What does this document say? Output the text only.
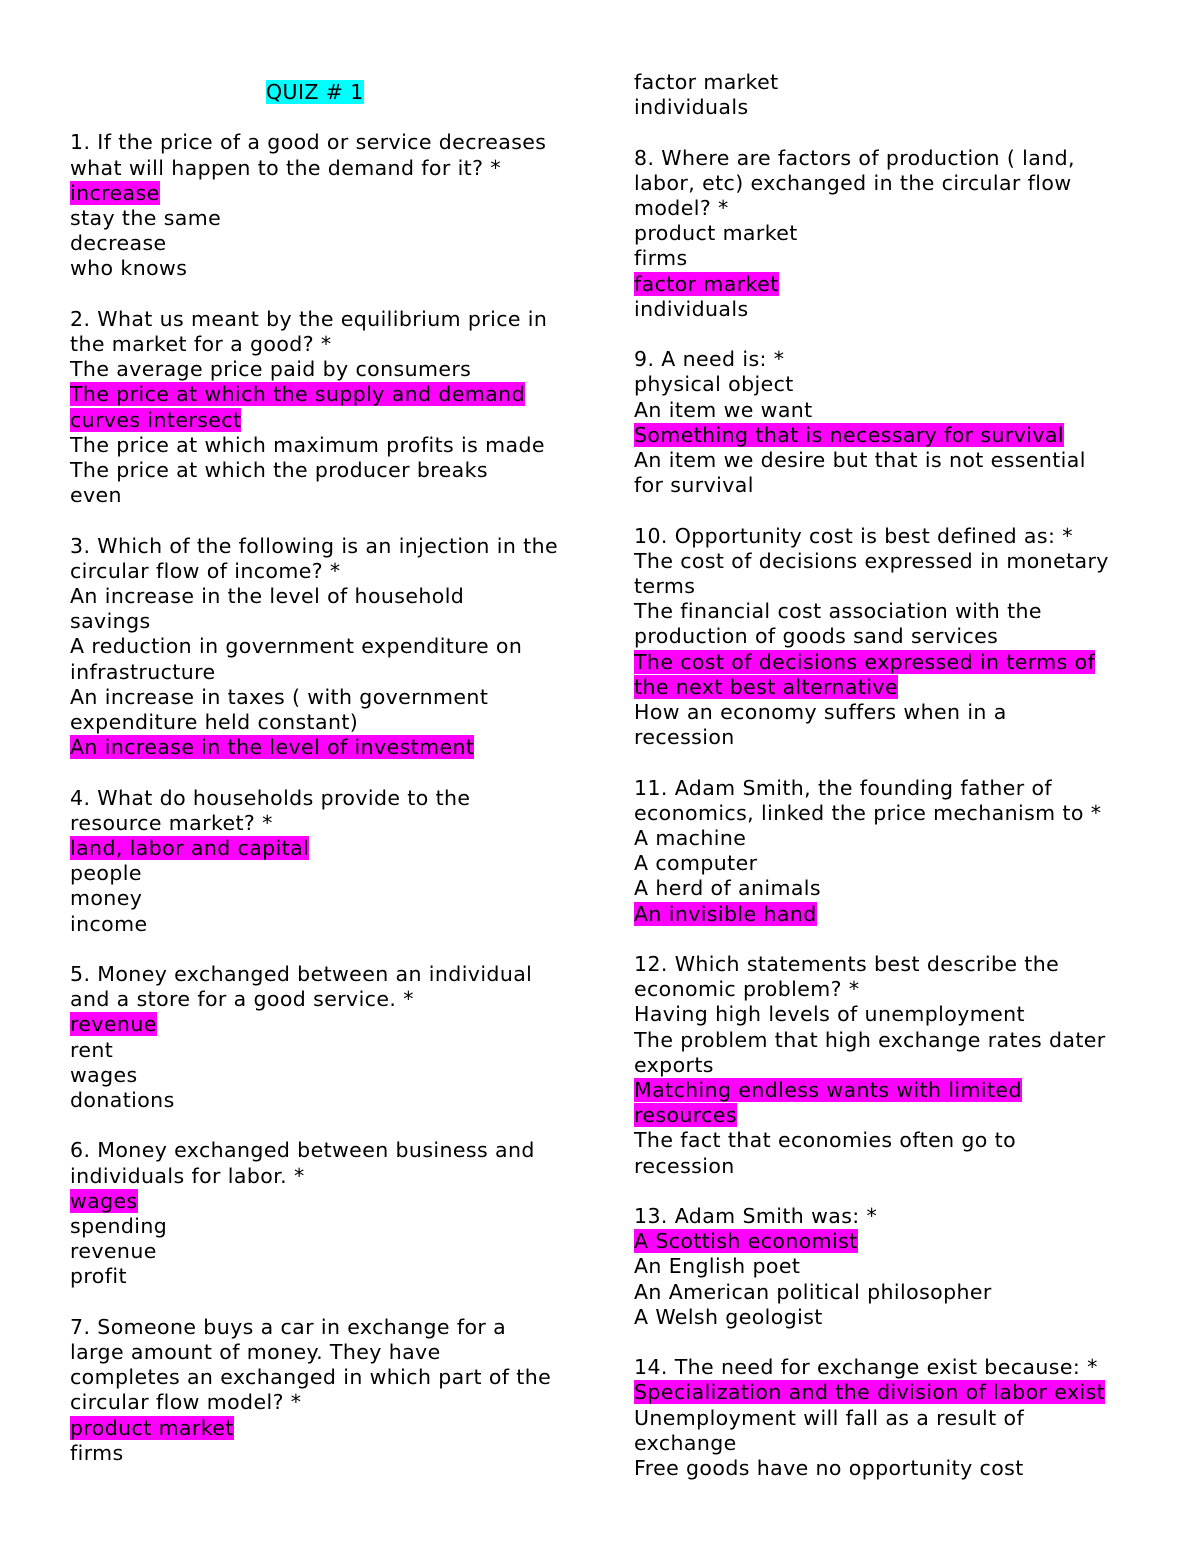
QUIZ # 1
1. If the price of a good or service decreases
what will happen to the demand for it? *
increase
stay the same
decrease
who knows
2. What us meant by the equilibrium price in
the market for a good? *
The average price paid by consumers
The price at which the supply and demand
curves intersect
The price at which maximum profits is made
The price at which the producer breaks
even
3. Which of the following is an injection in the
circular flow of income? *
An increase in the level of household
savings
A reduction in government expenditure on
infrastructure
An increase in taxes ( with government
expenditure held constant)
An increase in the level of investment
4. What do households provide to the
resource market? *
land, labor and capital
people
money
income
5. Money exchanged between an individual
and a store for a good service. *
revenue
rent
wages
donations
6. Money exchanged between business and
individuals for labor. *
wages
spending
revenue
profit
7. Someone buys a car in exchange for a
large amount of money. They have
completes an exchanged in which part of the
circular flow model? *
product market
firms
factor market
individuals
8. Where are factors of production ( land,
labor, etc) exchanged in the circular flow
model? *
product market
firms
factor market
individuals
9. A need is: *
physical object
An item we want
Something that is necessary for survival
An item we desire but that is not essential
for survival
10. Opportunity cost is best defined as: *
The cost of decisions expressed in monetary
terms
The financial cost association with the
production of goods sand services
The cost of decisions expressed in terms of
the next best alternative
How an economy suffers when in a
recession
11. Adam Smith, the founding father of
economics, linked the price mechanism to *
A machine
A computer
A herd of animals
An invisible hand
12. Which statements best describe the
economic problem? *
Having high levels of unemployment
The problem that high exchange rates dater
exports
Matching endless wants with limited
resources
The fact that economies often go to
recession
13. Adam Smith was: *
A Scottish economist
An English poet
An American political philosopher
A Welsh geologist
14. The need for exchange exist because: *
Specialization and the division of labor exist
Unemployment will fall as a result of
exchange
Free goods have no opportunity cost
